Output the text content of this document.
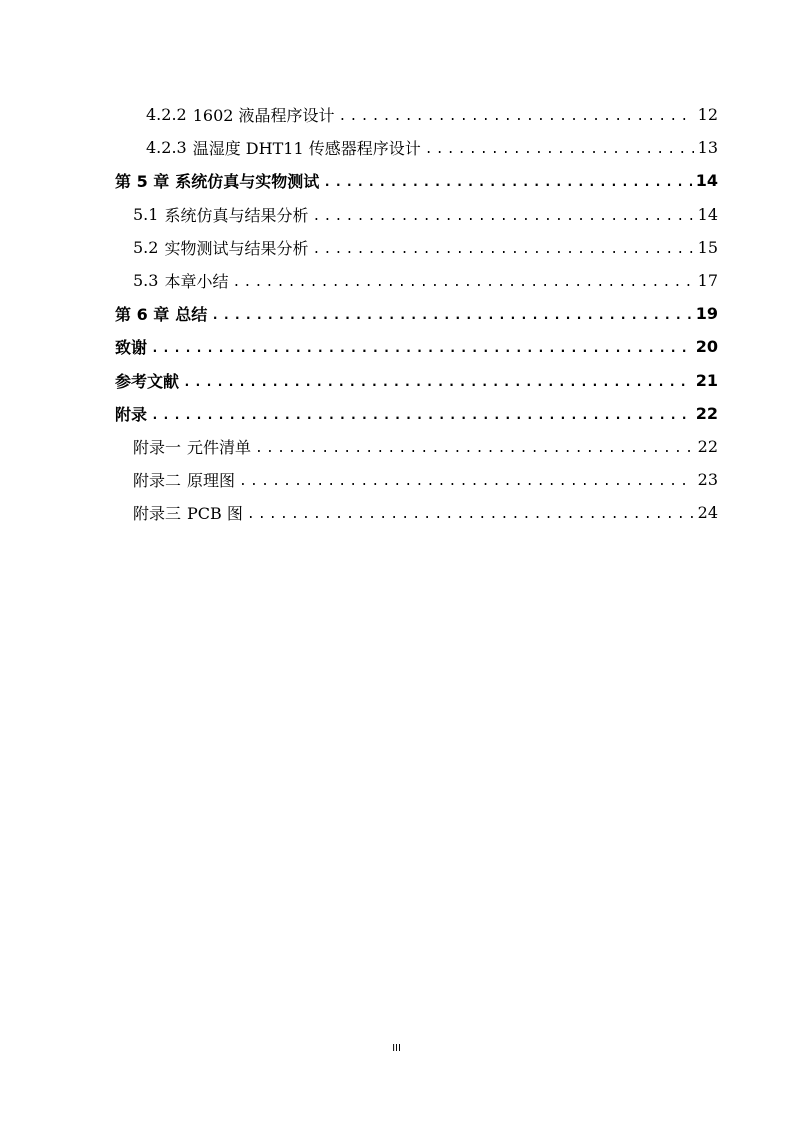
4.2.2 1602 液晶程序设计 .....	12
4.2.3 温湿度 DHT11 传感器程序设计 .....	13
第 5 章 系统仿真与实物测试 .....	14
5.1 系统仿真与结果分析 .....	14
5.2 实物测试与结果分析 .....	15
5.3 本章小结 .....	17
第 6 章 总结 .....	19
致谢 .....	20
参考文献 .....	21
附录 .....	22
附录一 元件清单 .....	22
附录二 原理图 .....	23
附录三 PCB 图 .....	24
III
